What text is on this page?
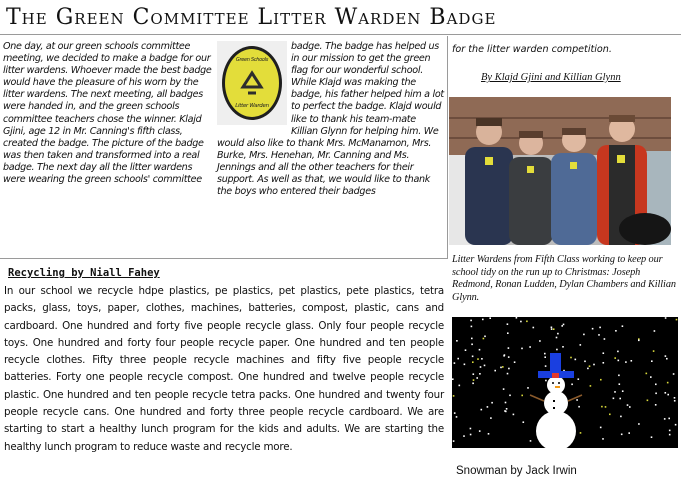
The Green Committee Litter Warden Badge
One day, at our green schools committee meeting, we decided to make a badge for our litter wardens. Whoever made the best badge would have the pleasure of his worn by the litter wardens. The next meeting, all badges were handed in, and the green schools committee teachers chose the winner. Klajd Gjini, age 12 in Mr. Canning's fifth class, created the badge. The picture of the badge was then taken and transformed into a real badge. The next day all the litter wardens were wearing the green schools' committee
Green Schools
Litter Warden
badge. The badge has helped us in our mission to get the green flag for our wonderful school. While Klajd was making the badge, his father helped him a lot to perfect the badge. Klajd would like to thank his team-mate Killian Glynn for helping him. We would also like to thank Mrs. McManamon, Mrs. Burke, Mrs. Henehan, Mr. Canning and Ms. Jennings and all the other teachers for their support. As well as that, we would like to thank the boys who entered their badges
for the litter warden competition.
By Klajd Gjini and Killian Glynn
Litter Wardens from Fifth Class working to keep our school tidy on the run up to Christmas: Joseph Redmond, Ronan Ludden, Dylan Chambers and Killian Glynn.
Recycling by Niall Fahey
In our school we recycle hdpe plastics, pe plastics, pet plastics, pete plastics, tetra packs, glass, toys, paper, clothes, machines, batteries, compost, plastic, cans and cardboard. One hundred and forty five people recycle glass. Only four people recycle toys. One hundred and forty four people recycle paper. One hundred and ten people recycle clothes. Fifty three people recycle machines and fifty five people recycle batteries. Forty one people recycle compost. One hundred and twelve people recycle plastic. One hundred and ten people recycle tetra packs. One hundred and twenty four people recycle cans. One hundred and forty three people recycle cardboard. We are starting to start a healthy lunch program for the kids and adults. We are starting the healthy lunch program to reduce waste and recycle more.
Snowman by Jack Irwin
